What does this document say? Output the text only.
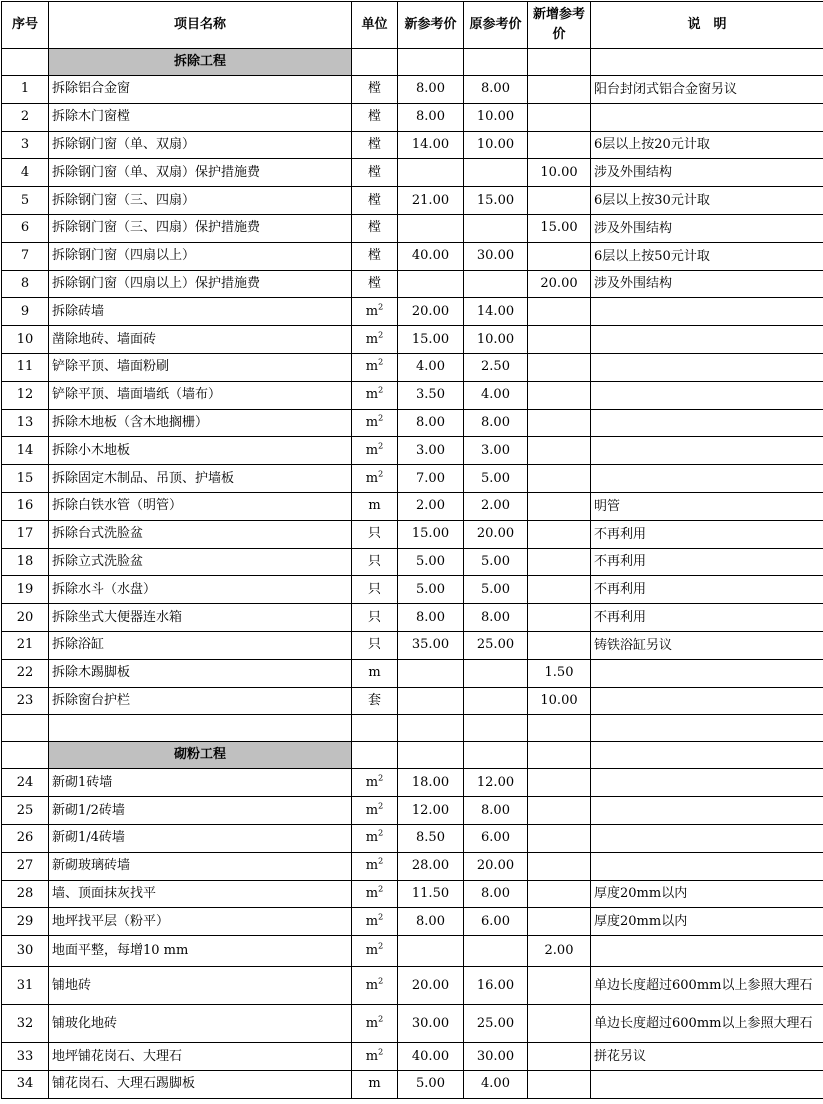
序号	项目名称	单位	新参考价	原参考价	新增参考价	说　明
	拆除工程					
1	拆除铝合金窗	樘	8.00	8.00		阳台封闭式铝合金窗另议
2	拆除木门窗樘	樘	8.00	10.00		
3	拆除钢门窗（单、双扇）	樘	14.00	10.00		6层以上按20元计取
4	拆除钢门窗（单、双扇）保护措施费	樘			10.00	涉及外围结构
5	拆除钢门窗（三、四扇）	樘	21.00	15.00		6层以上按30元计取
6	拆除钢门窗（三、四扇）保护措施费	樘			15.00	涉及外围结构
7	拆除钢门窗（四扇以上）	樘	40.00	30.00		6层以上按50元计取
8	拆除钢门窗（四扇以上）保护措施费	樘			20.00	涉及外围结构
9	拆除砖墙	$m^2$	20.00	14.00		
10	凿除地砖、墙面砖	$m^2$	15.00	10.00		
11	铲除平顶、墙面粉刷	$m^2$	4.00	2.50		
12	铲除平顶、墙面墙纸（墙布）	$m^2$	3.50	4.00		
13	拆除木地板（含木地搁栅）	$m^2$	8.00	8.00		
14	拆除小木地板	$m^2$	3.00	3.00		
15	拆除固定木制品、吊顶、护墙板	$m^2$	7.00	5.00		
16	拆除白铁水管（明管）	m	2.00	2.00		明管
17	拆除台式洗脸盆	只	15.00	20.00		不再利用
18	拆除立式洗脸盆	只	5.00	5.00		不再利用
19	拆除水斗（水盘）	只	5.00	5.00		不再利用
20	拆除坐式大便器连水箱	只	8.00	8.00		不再利用
21	拆除浴缸	只	35.00	25.00		铸铁浴缸另议
22	拆除木踢脚板	m			1.50	
23	拆除窗台护栏	套			10.00	

	砌粉工程					
24	新砌1砖墙	$m^2$	18.00	12.00		
25	新砌1/2砖墙	$m^2$	12.00	8.00		
26	新砌1/4砖墙	$m^2$	8.50	6.00		
27	新砌玻璃砖墙	$m^2$	28.00	20.00		
28	墙、顶面抹灰找平	$m^2$	11.50	8.00		厚度20mm以内
29	地坪找平层（粉平）	$m^2$	8.00	6.00		厚度20mm以内
30	地面平整，每增10 mm	$m^2$			2.00	
31	铺地砖	$m^2$	20.00	16.00		单边长度超过600mm以上参照大理石
32	铺玻化地砖	$m^2$	30.00	25.00		单边长度超过600mm以上参照大理石
33	地坪铺花岗石、大理石	$m^2$	40.00	30.00		拼花另议
34	铺花岗石、大理石踢脚板	m	5.00	4.00		
